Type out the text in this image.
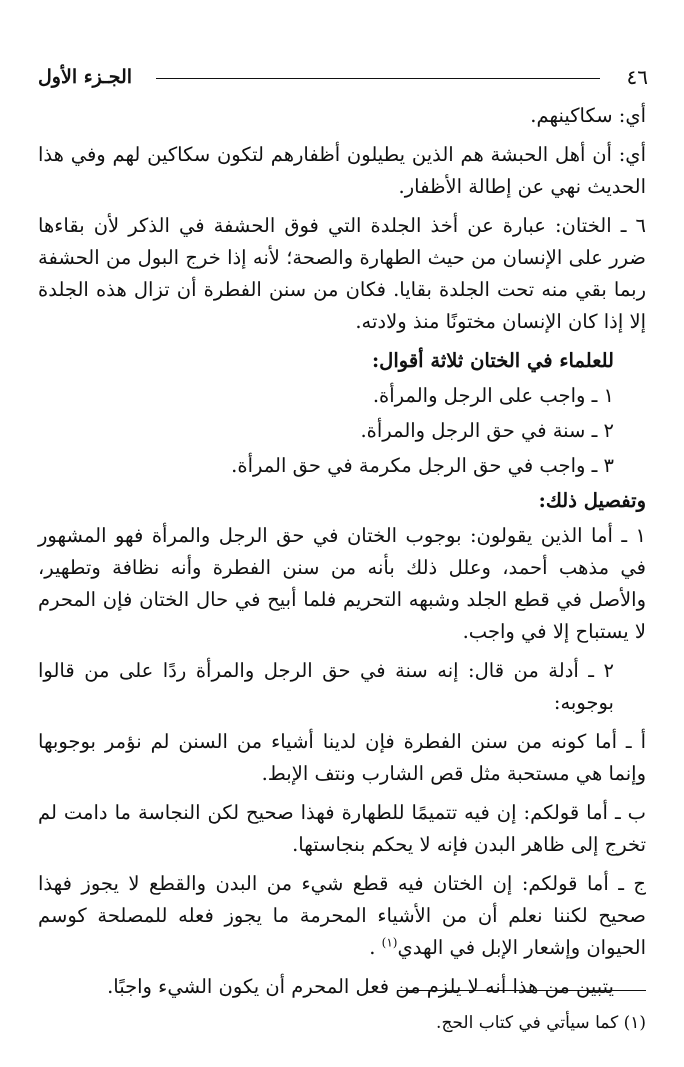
٤٦
الجـزء الأول

أي: سكاكينهم.

أي: أن أهل الحبشة هم الذين يطيلون أظفارهم لتكون سكاكين لهم وفي هذا الحديث نهي عن إطالة الأظفار.

٦ ـ الختان: عبارة عن أخذ الجلدة التي فوق الحشفة في الذكر لأن بقاءها ضرر على الإنسان من حيث الطهارة والصحة؛ لأنه إذا خرج البول من الحشفة ربما بقي منه تحت الجلدة بقايا. فكان من سنن الفطرة أن تزال هذه الجلدة إلا إذا كان الإنسان مختونًا منذ ولادته.

للعلماء في الختان ثلاثة أقوال:

١ ـ واجب على الرجل والمرأة.

٢ ـ سنة في حق الرجل والمرأة.

٣ ـ واجب في حق الرجل مكرمة في حق المرأة.

وتفصيل ذلك:

١ ـ أما الذين يقولون: بوجوب الختان في حق الرجل والمرأة فهو المشهور في مذهب أحمد، وعلل ذلك بأنه من سنن الفطرة وأنه نظافة وتطهير، والأصل في قطع الجلد وشبهه التحريم فلما أبيح في حال الختان فإن المحرم لا يستباح إلا في واجب.

٢ ـ أدلة من قال: إنه سنة في حق الرجل والمرأة ردًا على من قالوا بوجوبه:

أ ـ أما كونه من سنن الفطرة فإن لدينا أشياء من السنن لم نؤمر بوجوبها وإنما هي مستحبة مثل قص الشارب ونتف الإبط.

ب ـ أما قولكم: إن فيه تتميمًا للطهارة فهذا صحيح لكن النجاسة ما دامت لم تخرج إلى ظاهر البدن فإنه لا يحكم بنجاستها.

ج ـ أما قولكم: إن الختان فيه قطع شيء من البدن والقطع لا يجوز فهذا صحيح لكننا نعلم أن من الأشياء المحرمة ما يجوز فعله للمصلحة كوسم الحيوان وإشعار الإبل في الهدي$^{(١)}$ .

يتبين من هذا أنه لا يلزم من فعل المحرم أن يكون الشيء واجبًا.

(١) كما سيأتي في كتاب الحج.
